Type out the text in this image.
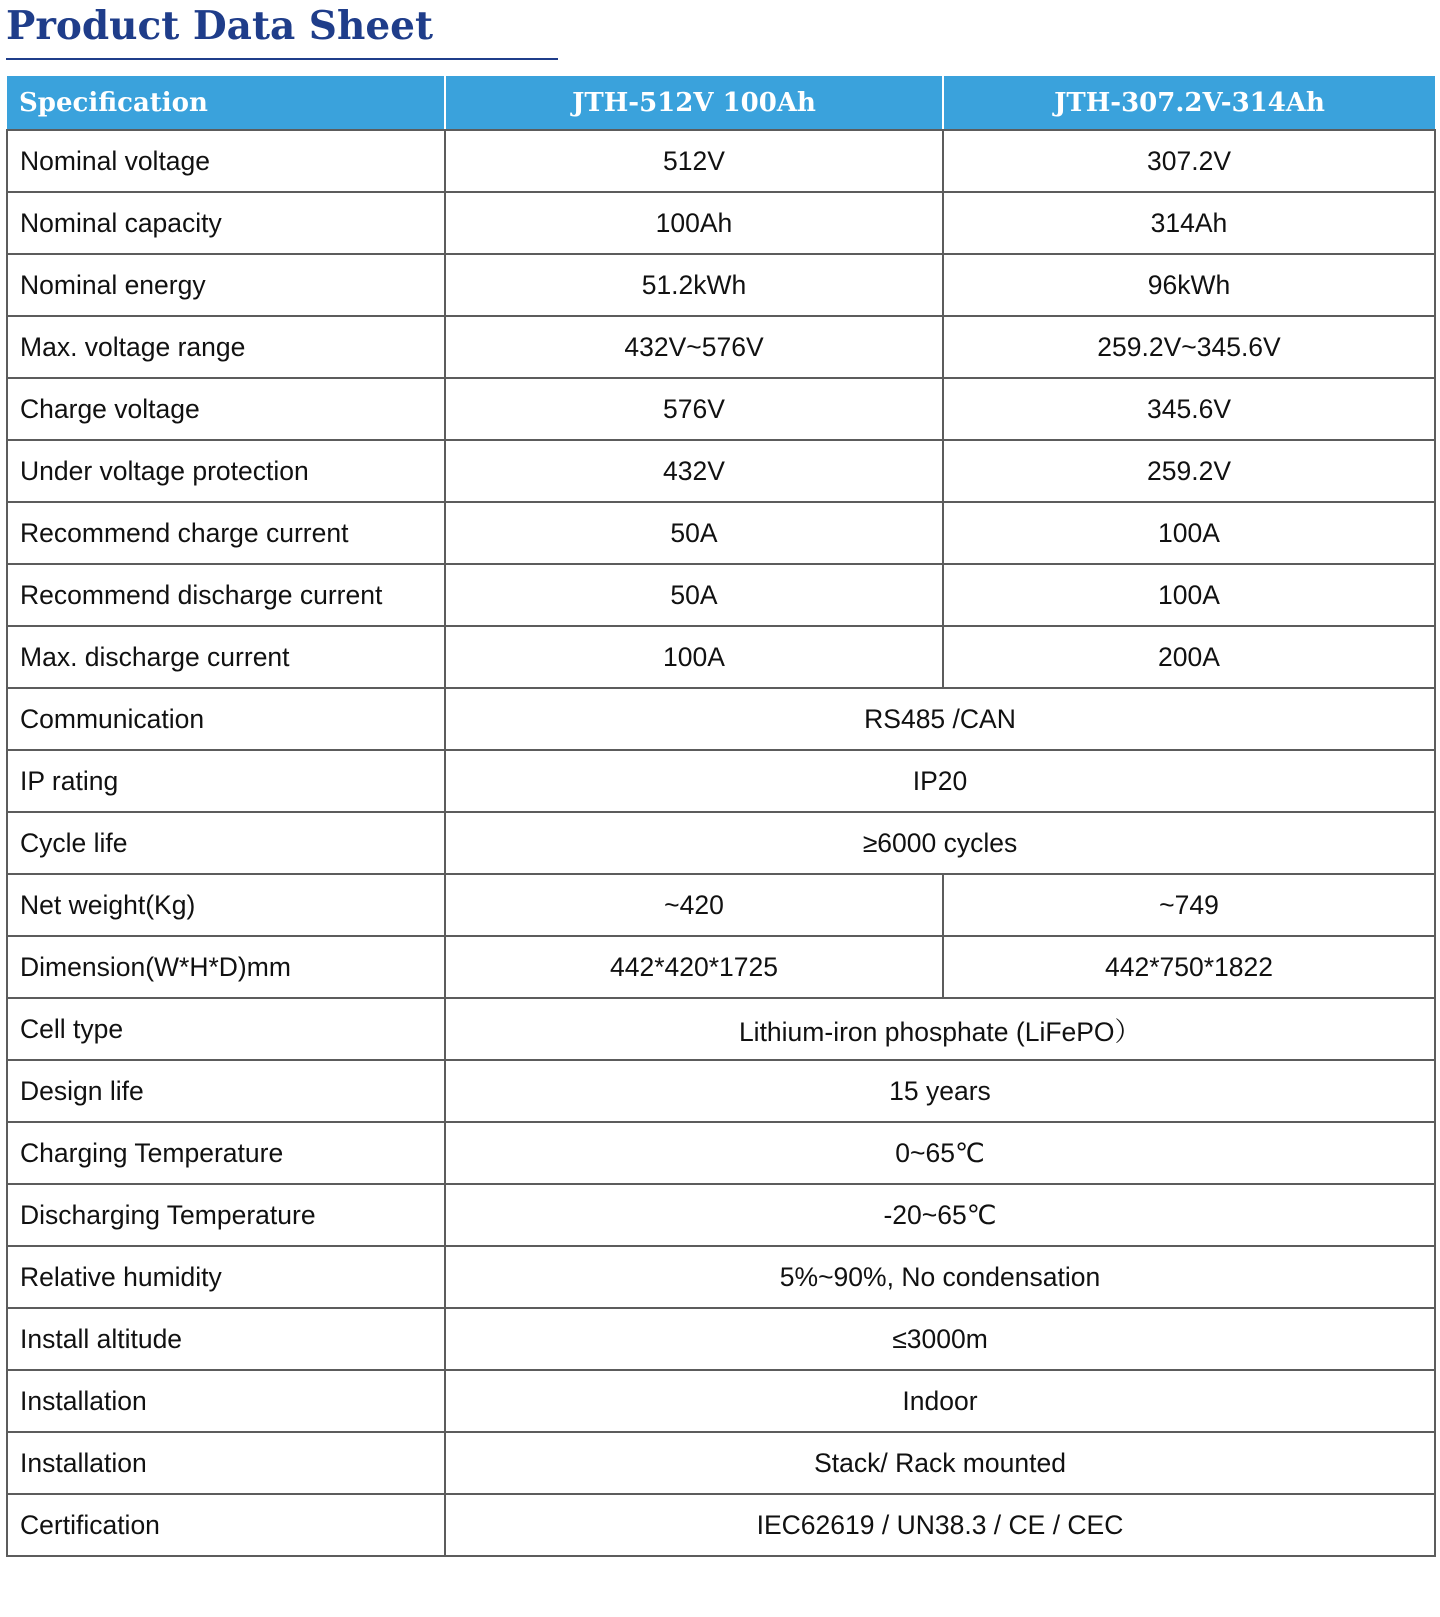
Product Data Sheet
Specification	JTH-512V 100Ah	JTH-307.2V-314Ah
Nominal voltage	512V	307.2V
Nominal capacity	100Ah	314Ah
Nominal energy	51.2kWh	96kWh
Max. voltage range	432V~576V	259.2V~345.6V
Charge voltage	576V	345.6V
Under voltage protection	432V	259.2V
Recommend charge current	50A	100A
Recommend discharge current	50A	100A
Max. discharge current	100A	200A
Communication	RS485 /CAN	
IP rating	IP20	
Cycle life	≥6000 cycles	
Net weight(Kg)	~420	~749
Dimension(W*H*D)mm	442*420*1725	442*750*1822
Cell type	Lithium-iron phosphate (LiFePO）	
Design life	15 years	
Charging Temperature	0~65℃	
Discharging Temperature	-20~65℃	
Relative humidity	5%~90%, No condensation	
Install altitude	≤3000m	
Installation	Indoor	
Installation	Stack/ Rack mounted	
Certification	IEC62619 / UN38.3 / CE / CEC	
